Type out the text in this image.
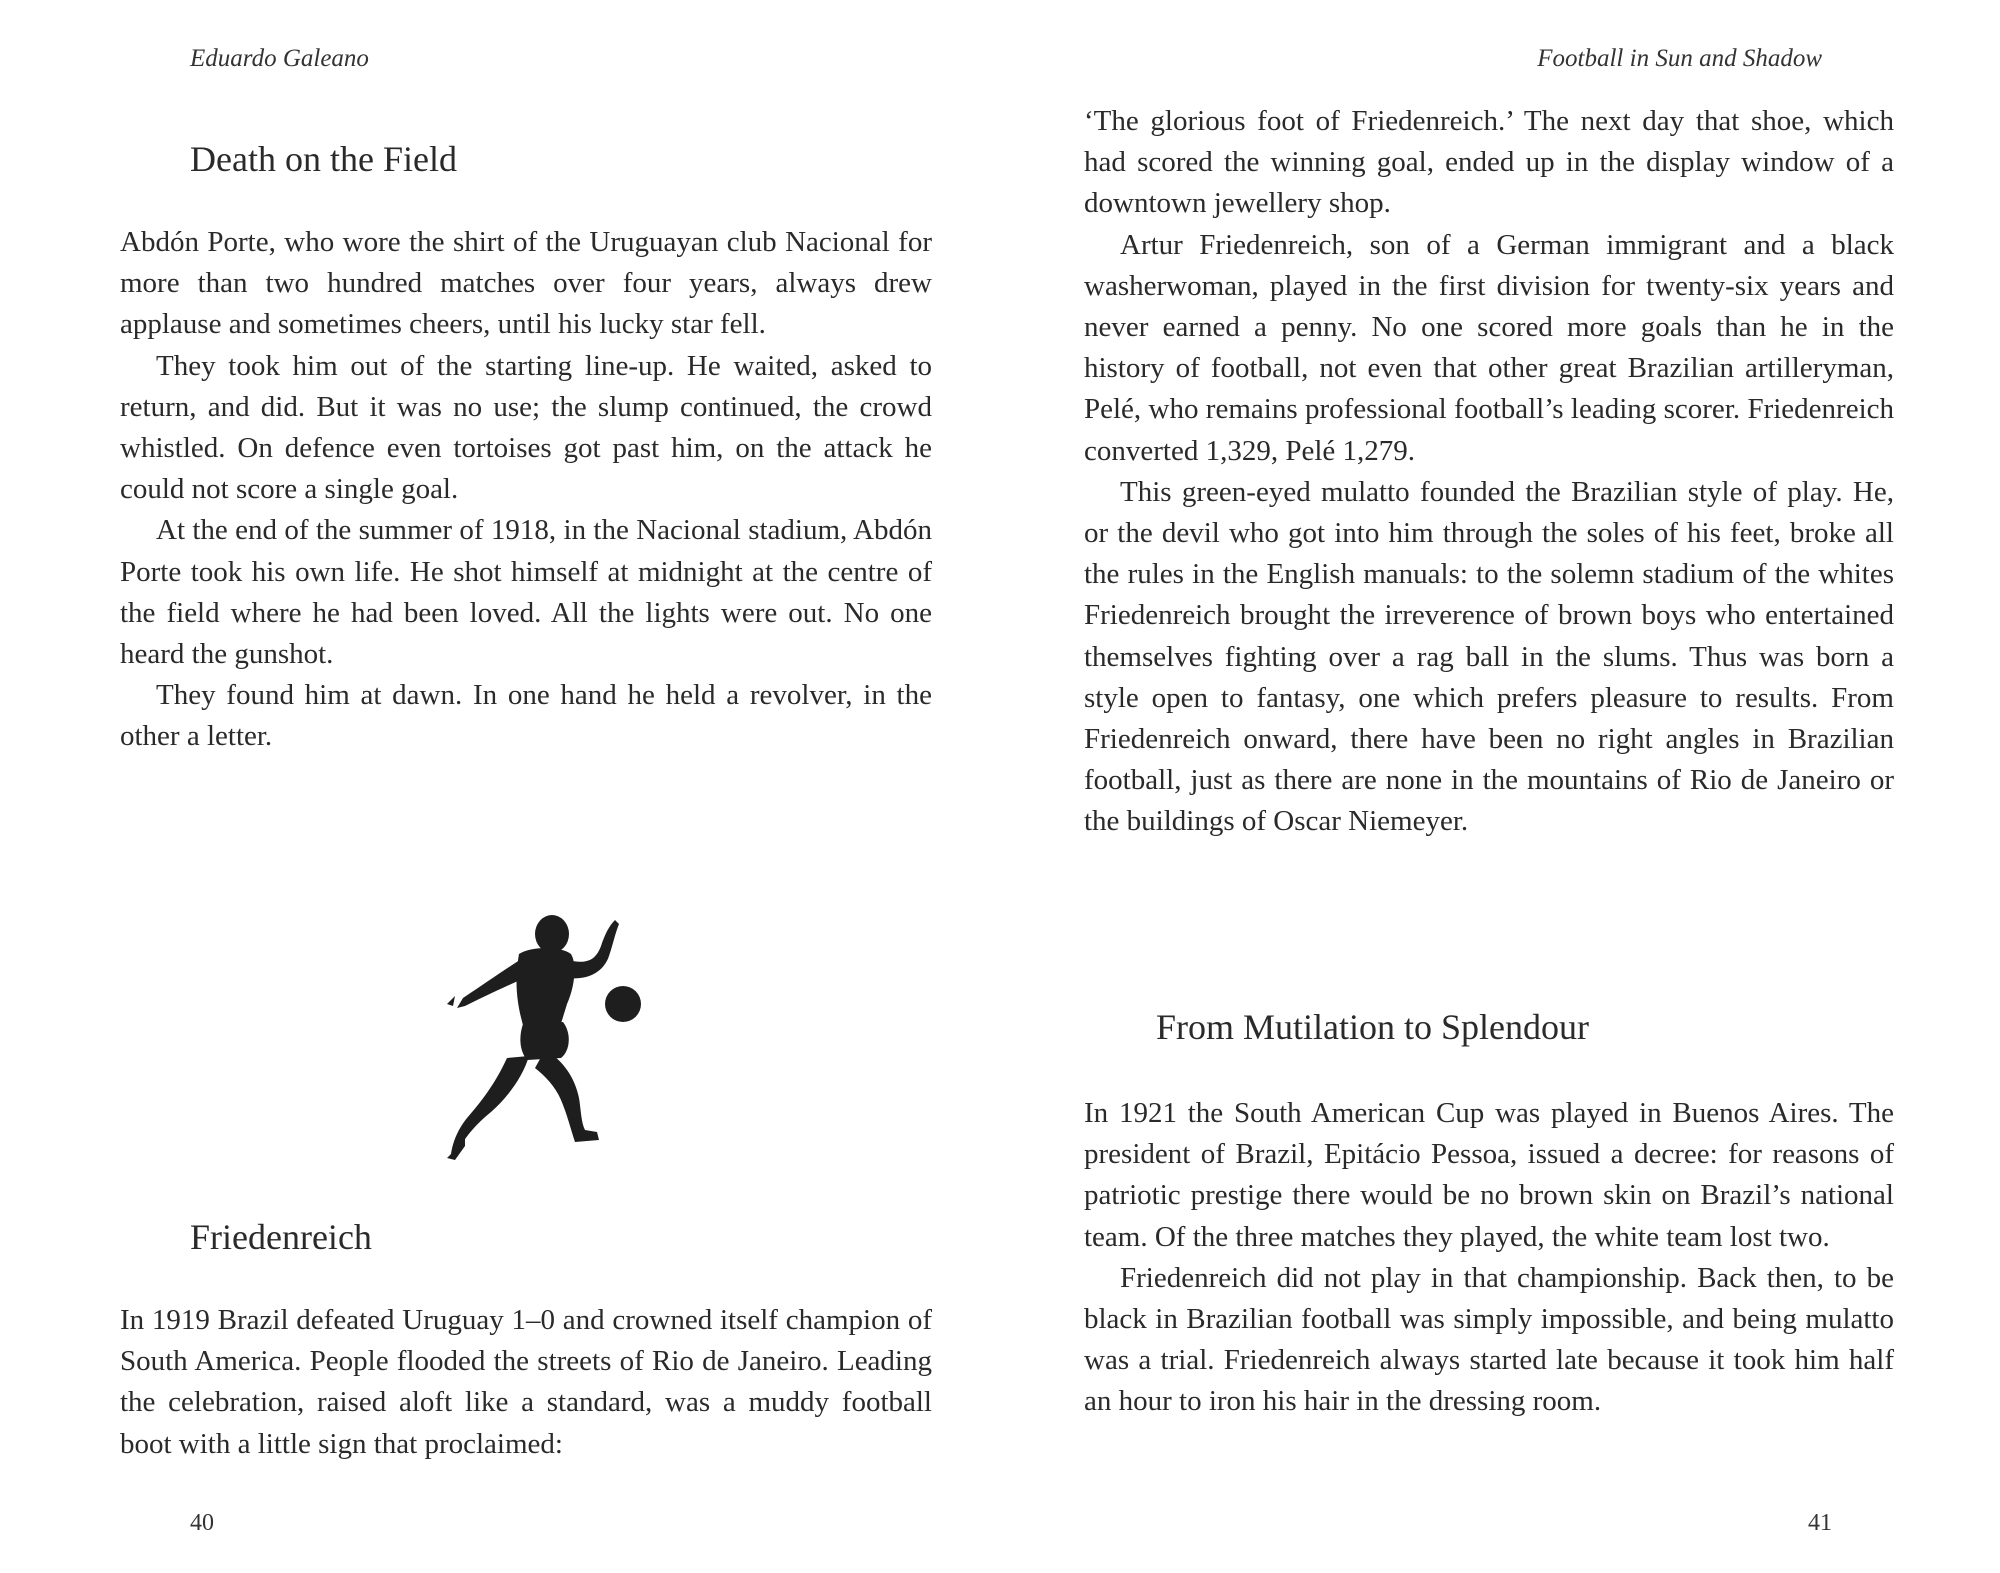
Eduardo Galeano
Death on the Field

Abdón Porte, who wore the shirt of the Uruguayan club Nacional for more than two hundred matches over four years, always drew applause and sometimes cheers, until his lucky star fell.

They took him out of the starting line-up. He waited, asked to return, and did. But it was no use; the slump continued, the crowd whistled. On defence even tortoises got past him, on the attack he could not score a single goal.

At the end of the summer of 1918, in the Nacional stadium, Abdón Porte took his own life. He shot himself at midnight at the centre of the field where he had been loved. All the lights were out. No one heard the gunshot.

They found him at dawn. In one hand he held a revolver, in the other a letter.

Friedenreich

In 1919 Brazil defeated Uruguay 1–0 and crowned itself champion of South America. People flooded the streets of Rio de Janeiro. Leading the celebration, raised aloft like a standard, was a muddy football boot with a little sign that proclaimed:

40
Football in Sun and Shadow

‘The glorious foot of Friedenreich.’ The next day that shoe, which had scored the winning goal, ended up in the display window of a downtown jewellery shop.

Artur Friedenreich, son of a German immigrant and a black washerwoman, played in the first division for twenty-six years and never earned a penny. No one scored more goals than he in the history of football, not even that other great Brazilian artilleryman, Pelé, who remains professional football’s leading scorer. Friedenreich converted 1,329, Pelé 1,279.

This green-eyed mulatto founded the Brazilian style of play. He, or the devil who got into him through the soles of his feet, broke all the rules in the English manuals: to the solemn stadium of the whites Friedenreich brought the irreverence of brown boys who entertained themselves fighting over a rag ball in the slums. Thus was born a style open to fantasy, one which prefers pleasure to results. From Friedenreich onward, there have been no right angles in Brazilian football, just as there are none in the mountains of Rio de Janeiro or the buildings of Oscar Niemeyer.

From Mutilation to Splendour

In 1921 the South American Cup was played in Buenos Aires. The president of Brazil, Epitácio Pessoa, issued a decree: for reasons of patriotic prestige there would be no brown skin on Brazil’s national team. Of the three matches they played, the white team lost two.

Friedenreich did not play in that championship. Back then, to be black in Brazilian football was simply impossible, and being mulatto was a trial. Friedenreich always started late because it took him half an hour to iron his hair in the dressing room.

41
